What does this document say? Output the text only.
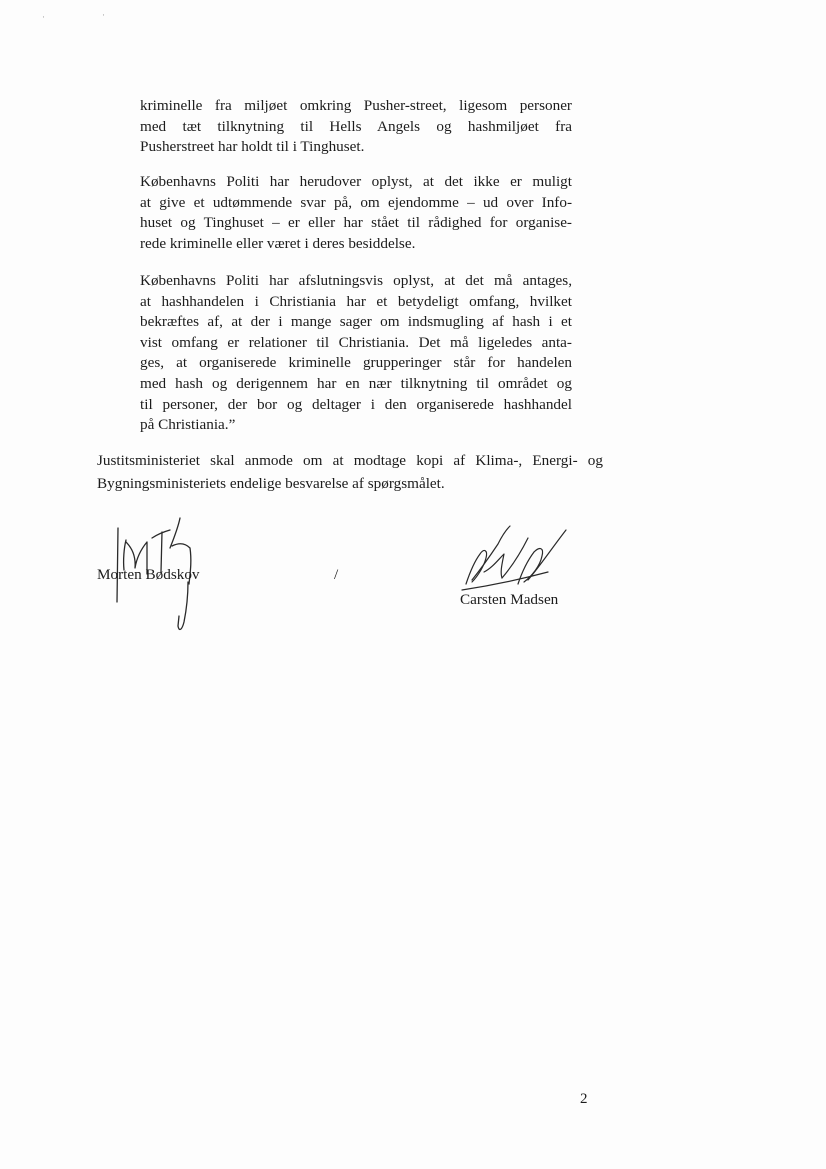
·	·
kriminelle fra miljøet omkring Pusher-street, ligesom personer
med tæt tilknytning til Hells Angels og hashmiljøet fra
Pusherstreet har holdt til i Tinghuset.
Københavns Politi har herudover oplyst, at det ikke er muligt
at give et udtømmende svar på, om ejendomme – ud over Info-
huset og Tinghuset – er eller har stået til rådighed for organise-
rede kriminelle eller været i deres besiddelse.
Københavns Politi har afslutningsvis oplyst, at det må antages,
at hashhandelen i Christiania har et betydeligt omfang, hvilket
bekræftes af, at der i mange sager om indsmugling af hash i et
vist omfang er relationer til Christiania. Det må ligeledes anta-
ges, at organiserede kriminelle grupperinger står for handelen
med hash og derigennem har en nær tilknytning til området og
til personer, der bor og deltager i den organiserede hashhandel
på Christiania.”
Justitsministeriet skal anmode om at modtage kopi af Klima-, Energi- og
Bygningsministeriets endelige besvarelse af spørgsmålet.
Morten Bødskov	/
Carsten Madsen
2
